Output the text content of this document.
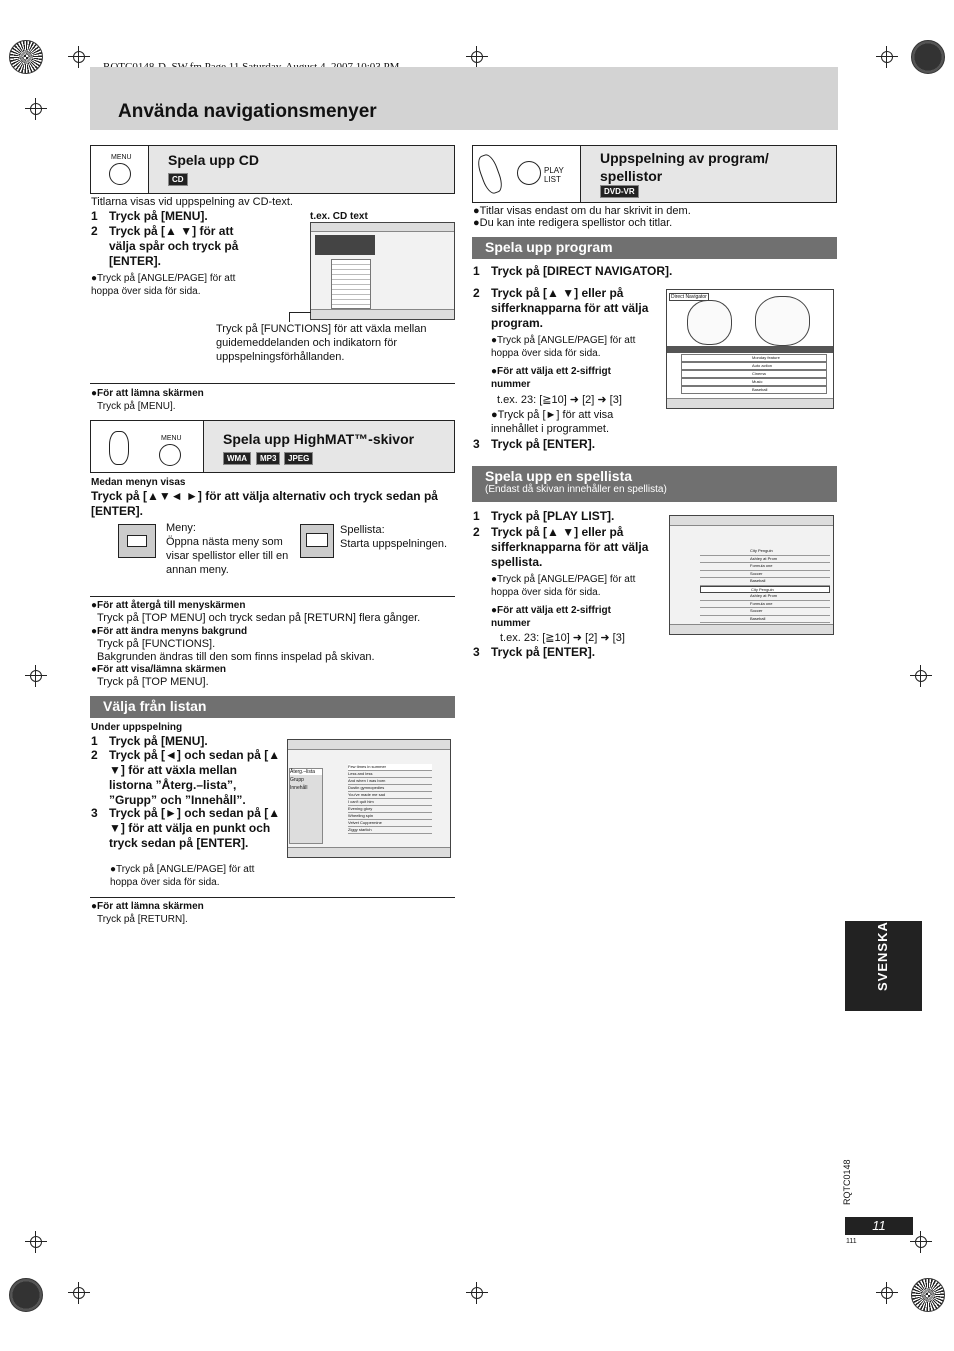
Använda navigationsmenyer
MENU	Spela upp CD
CD
Titlarna visas vid uppspelning av CD-text.
1 Tryck på [MENU].
2 Tryck på [▲ ▼] för att välja spår och tryck på [ENTER].
●Tryck på [ANGLE/PAGE] för att hoppa över sida för sida.
t.ex. CD text
Tryck på [FUNCTIONS] för att växla mellan guidemeddelanden och indikatorn för uppspelningsförhållanden.
●För att lämna skärmen
Tryck på [MENU].
MENU	Spela upp HighMAT™-skivor
WMA	MP3	JPEG
Medan menyn visas
Tryck på [▲▼◄ ►] för att välja alternativ och tryck sedan på [ENTER].
Meny:
Öppna nästa meny som visar spellistor eller till en annan meny.
Spellista:
Starta uppspelningen.
●För att återgå till menyskärmen
Tryck på [TOP MENU] och tryck sedan på [RETURN] flera gånger.
●För att ändra menyns bakgrund
Tryck på [FUNCTIONS].
Bakgrunden ändras till den som finns inspelad på skivan.
●För att visa/lämna skärmen
Tryck på [TOP MENU].
Välja från listan
Under uppspelning
1 Tryck på [MENU].
2 Tryck på [◄] och sedan på [▲ ▼] för att växla mellan listorna ”Återg.–lista”, ”Grupp” och ”Innehåll”.
3 Tryck på [►] och sedan på [▲ ▼] för att välja en punkt och tryck sedan på [ENTER].
●Tryck på [ANGLE/PAGE] för att hoppa över sida för sida.
Återg.–lista
Grupp
Innehåll
Few times in summer
Less and less
And when I was born
Dustin gymnopedies
You've made me sad
I can't quit him
Evening glory
Wheeling spin
Velvet Cuppermine
Ziggy starlich
●För att lämna skärmen
Tryck på [RETURN].
PLAY LIST
Uppspelning av program/ spellistor
DVD-VR
●Titlar visas endast om du har skrivit in dem.
●Du kan inte redigera spellistor och titlar.
Spela upp program
1 Tryck på [DIRECT NAVIGATOR].
2 Tryck på [▲ ▼] eller på sifferknapparna för att välja program.
●Tryck på [ANGLE/PAGE] för att hoppa över sida för sida.
●För att välja ett 2-siffrigt nummer
t.ex. 23: [≧10] ➜ [2] ➜ [3]
●Tryck på [►] för att visa innehållet i programmet.
3 Tryck på [ENTER].
Direct Navigator
Monday feature
Auto action
Cinema
Music
Baseball
Spela upp en spellista
(Endast då skivan innehåller en spellista)
1 Tryck på [PLAY LIST].
2 Tryck på [▲ ▼] eller på sifferknapparna för att välja spellista.
●Tryck på [ANGLE/PAGE] för att hoppa över sida för sida.
●För att välja ett 2-siffrigt nummer
t.ex. 23: [≧10] ➜ [2] ➜ [3]
3 Tryck på [ENTER].
City Penguin
Ashley at Prom
Formula one
Soccer
Baseball
City Penguin
Ashley at Prom
Formula one
Soccer
Baseball
SVENSKA
RQTC0148
11
111
